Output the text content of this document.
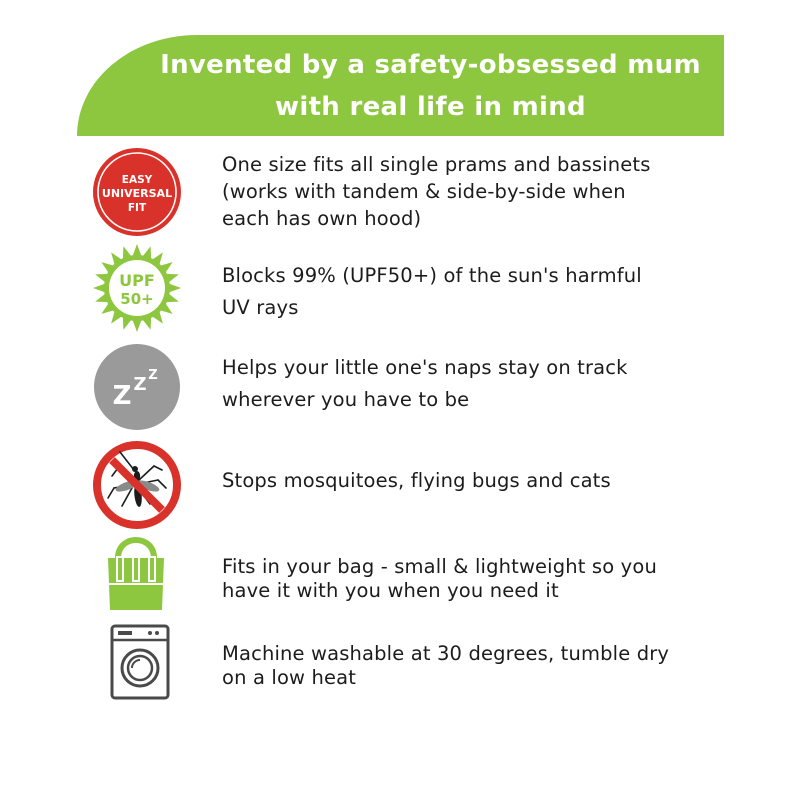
Invented by a safety-obsessed mum
with real life in mind
EASY
UNIVERSAL
FIT
One size fits all single prams and bassinets
(works with tandem & side-by-side when
each has own hood)
UPF
50+
Blocks 99% (UPF50+) of the sun's harmful
UV rays
Z Z Z	Helps your little one's naps stay on track
wherever you have to be
Stops mosquitoes, flying bugs and cats
Fits in your bag - small & lightweight so you
have it with you when you need it
Machine washable at 30 degrees, tumble dry
on a low heat
